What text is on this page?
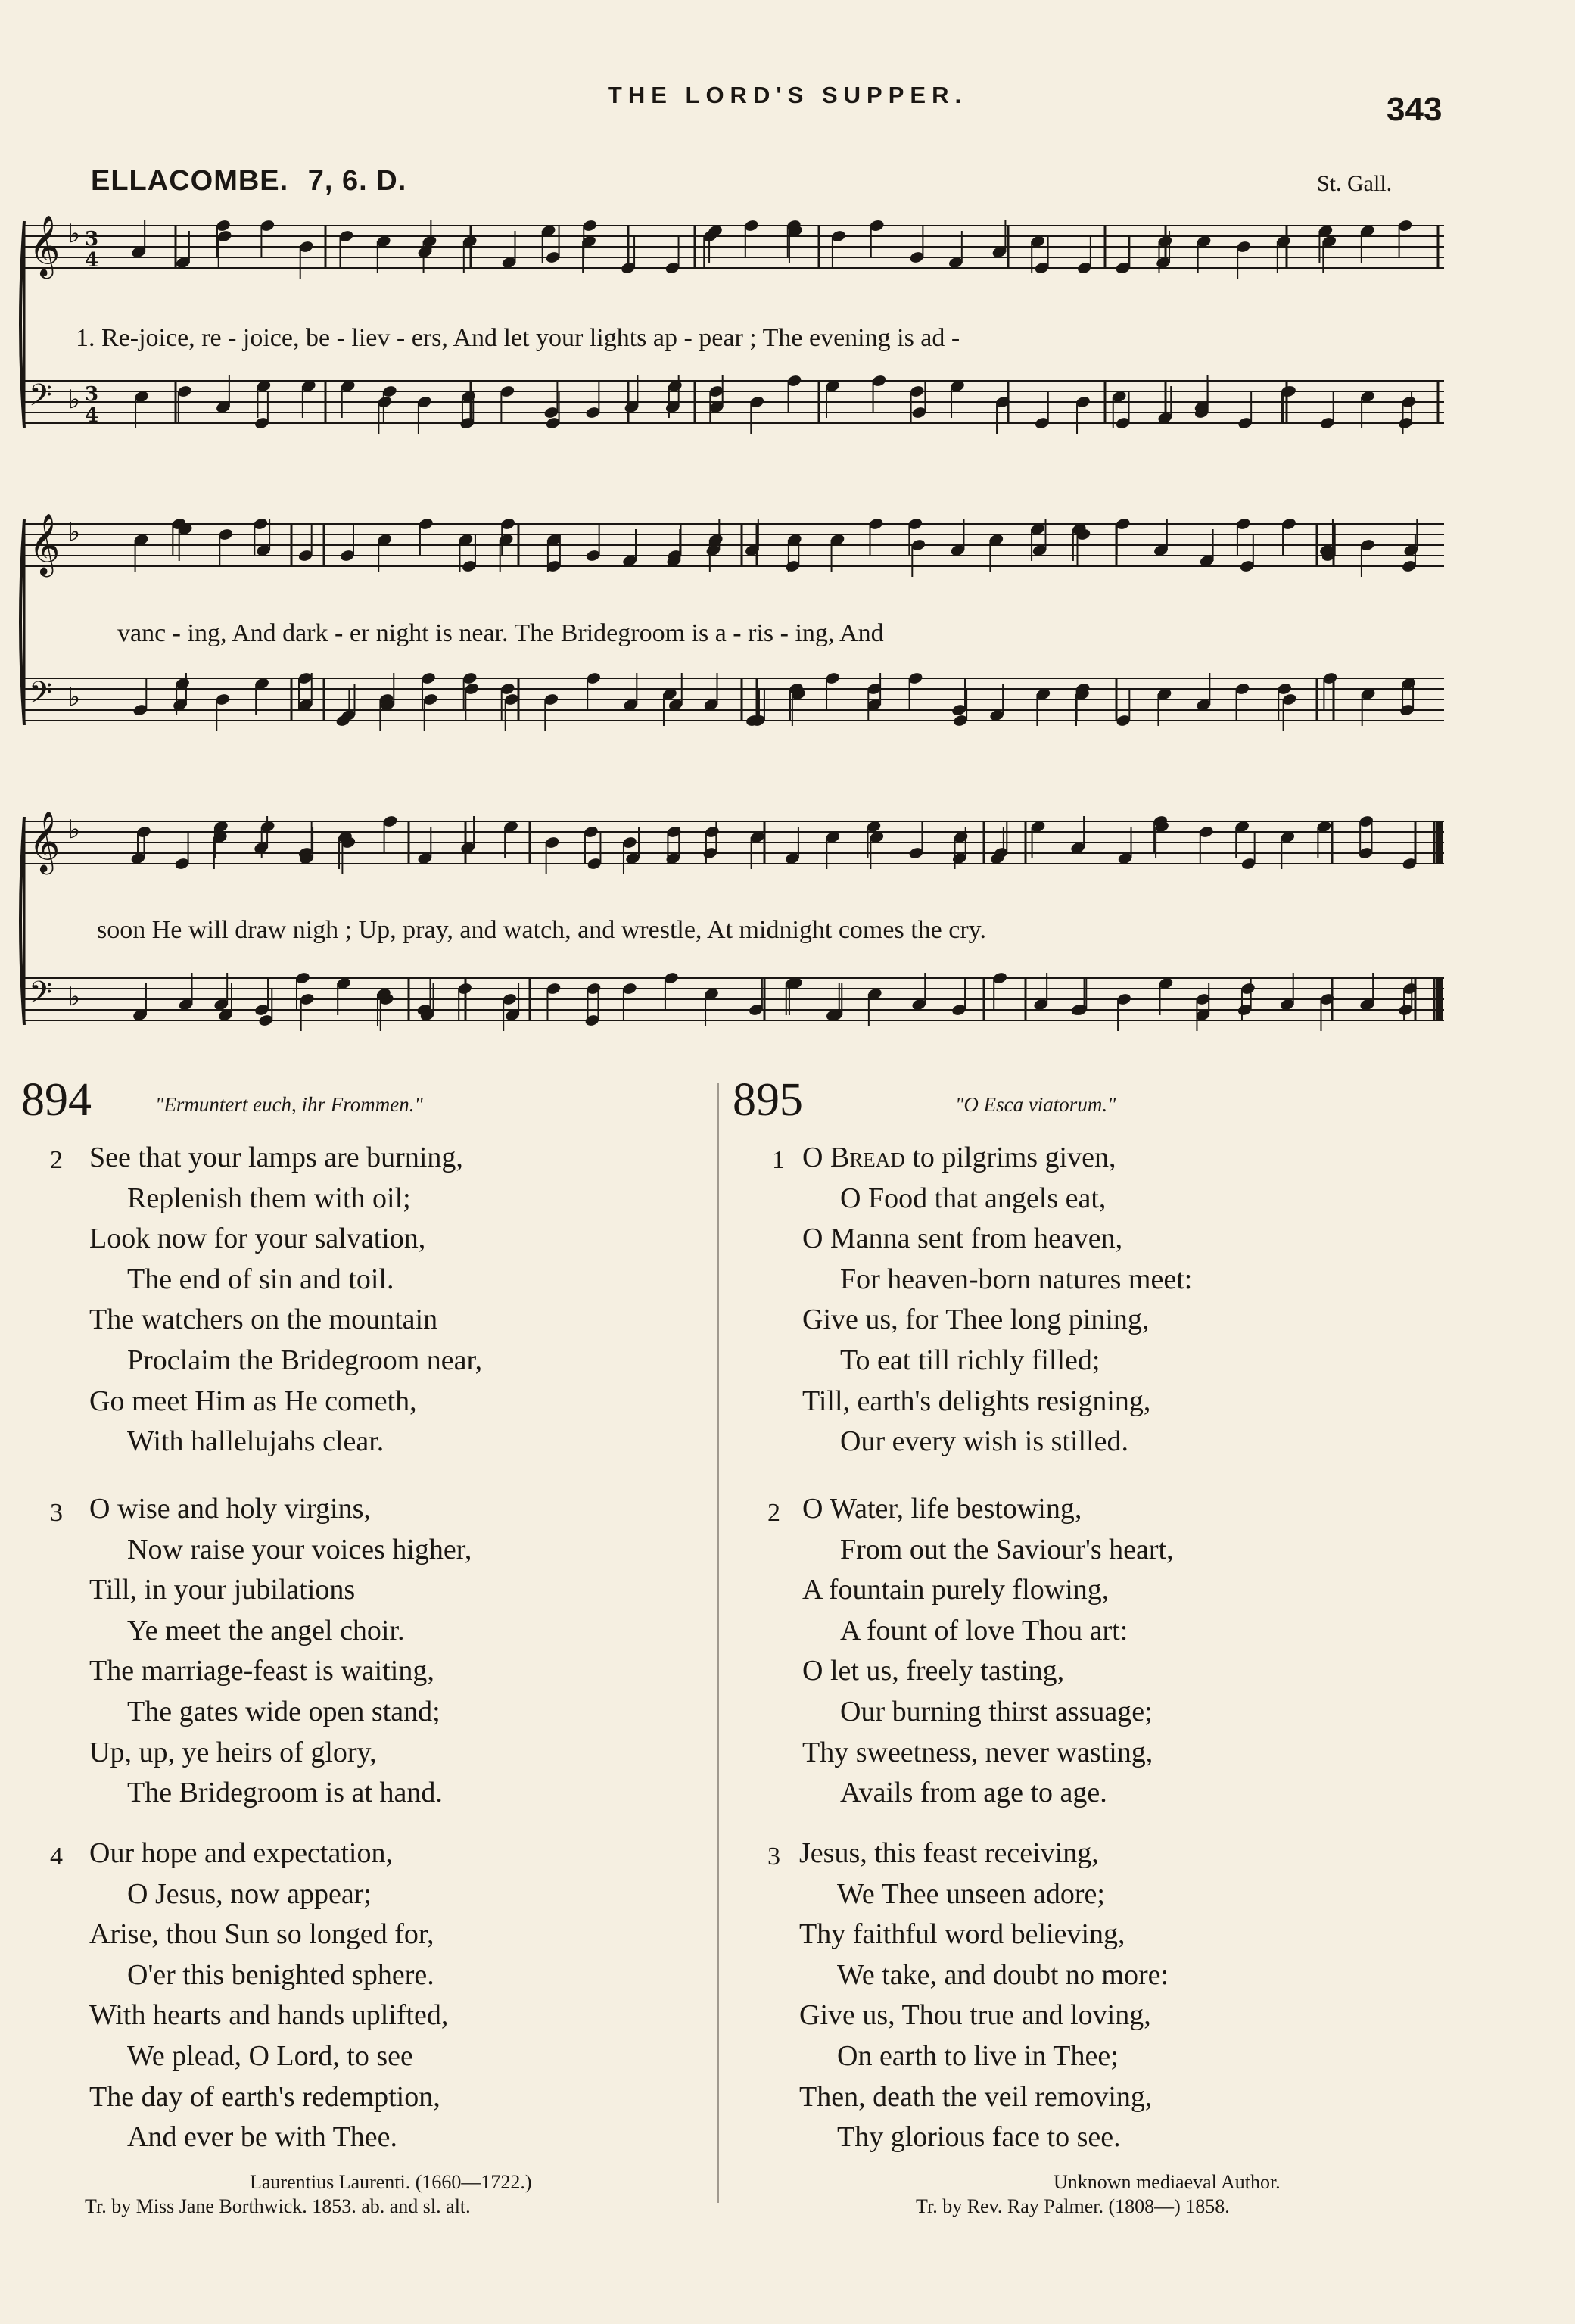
THE LORD'S SUPPER.	343
ELLACOMBE. 7, 6. D.	St. Gall.
𝄞 ♭ 3
4
𝄢 ♭ 3
4
𝄞 ♭
𝄢 ♭
𝄞 ♭
𝄢 ♭
1. Re-joice, re - joice, be - liev - ers, And let your lights ap - pear ; The evening is ad -
vanc - ing, And dark - er night is near. The Bridegroom is a - ris - ing, And
soon He will draw nigh ; Up, pray, and watch, and wrestle, At midnight comes the cry.
894	"Ermuntert euch, ihr Frommen."
2 See that your lamps are burning,
Replenish them with oil;
Look now for your salvation,
The end of sin and toil.
The watchers on the mountain
Proclaim the Bridegroom near,
Go meet Him as He cometh,
With hallelujahs clear.
3 O wise and holy virgins,
Now raise your voices higher,
Till, in your jubilations
Ye meet the angel choir.
The marriage-feast is waiting,
The gates wide open stand;
Up, up, ye heirs of glory,
The Bridegroom is at hand.
4 Our hope and expectation,
O Jesus, now appear;
Arise, thou Sun so longed for,
O'er this benighted sphere.
With hearts and hands uplifted,
We plead, O Lord, to see
The day of earth's redemption,
And ever be with Thee.
Laurentius Laurenti. (1660—1722.)
Tr. by Miss Jane Borthwick. 1853. ab. and sl. alt.
895	"O Esca viatorum."
1 O Bread to pilgrims given,
O Food that angels eat,
O Manna sent from heaven,
For heaven-born natures meet:
Give us, for Thee long pining,
To eat till richly filled;
Till, earth's delights resigning,
Our every wish is stilled.
2 O Water, life bestowing,
From out the Saviour's heart,
A fountain purely flowing,
A fount of love Thou art:
O let us, freely tasting,
Our burning thirst assuage;
Thy sweetness, never wasting,
Avails from age to age.
3 Jesus, this feast receiving,
We Thee unseen adore;
Thy faithful word believing,
We take, and doubt no more:
Give us, Thou true and loving,
On earth to live in Thee;
Then, death the veil removing,
Thy glorious face to see.
Unknown mediaeval Author.
Tr. by Rev. Ray Palmer. (1808—) 1858.
